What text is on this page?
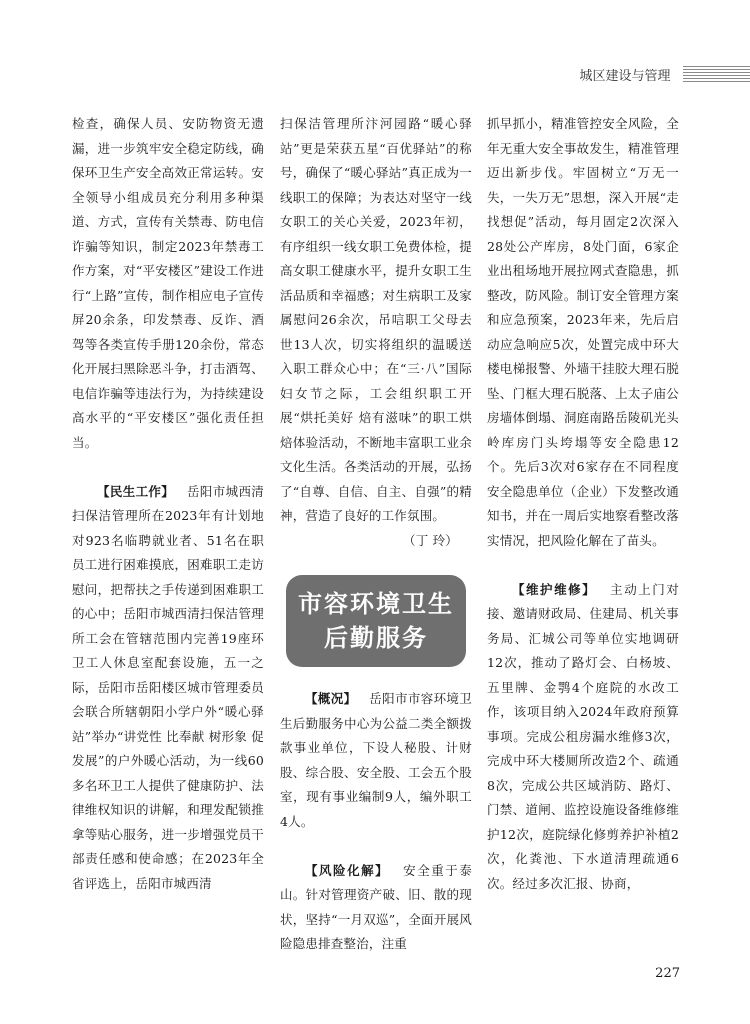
城区建设与管理

检查，确保人员、安防物资无遗漏，进一步筑牢安全稳定防线，确保环卫生产安全高效正常运转。安全领导小组成员充分利用多种渠道、方式，宣传有关禁毒、防电信诈骗等知识，制定2023年禁毒工作方案，对“平安楼区”建设工作进行“上路”宣传，制作相应电子宣传屏20余条，印发禁毒、反诈、酒驾等各类宣传手册120余份，常态化开展扫黑除恶斗争，打击酒驾、电信诈骗等违法行为，为持续建设高水平的“平安楼区”强化责任担当。

【民生工作】  岳阳市城西清扫保洁管理所在2023年有计划地对923名临聘就业者、51名在职员工进行困难摸底，困难职工走访慰问，把帮扶之手传递到困难职工的心中；岳阳市城西清扫保洁管理所工会在管辖范围内完善19座环卫工人休息室配套设施，五一之际，岳阳市岳阳楼区城市管理委员会联合所辖朝阳小学户外“暖心驿站”举办“讲党性 比奉献 树形象 促发展”的户外暖心活动，为一线60多名环卫工人提供了健康防护、法律维权知识的讲解，和理发配锁推拿等贴心服务，进一步增强党员干部责任感和使命感；在2023年全省评选上，岳阳市城西清

扫保洁管理所汴河园路“暖心驿站”更是荣获五星“百优驿站”的称号，确保了“暖心驿站”真正成为一线职工的保障；为表达对坚守一线女职工的关心关爱，2023年初，有序组织一线女职工免费体检，提高女职工健康水平，提升女职工生活品质和幸福感；对生病职工及家属慰问26余次，吊唁职工父母去世13人次，切实将组织的温暖送入职工群众心中；在“三·八”国际妇女节之际，工会组织职工开展“烘托美好 焙有滋味”的职工烘焙体验活动，不断地丰富职工业余文化生活。各类活动的开展，弘扬了“自尊、自信、自主、自强”的精神，营造了良好的工作氛围。

（丁 玲）

市容环境卫生
后勤服务

【概况】  岳阳市市容环境卫生后勤服务中心为公益二类全额拨款事业单位，下设人秘股、计财股、综合股、安全股、工会五个股室，现有事业编制9人，编外职工4人。

【风险化解】  安全重于泰山。针对管理资产破、旧、散的现状，坚持“一月双巡”，全面开展风险隐患排查整治，注重

抓早抓小，精准管控安全风险，全年无重大安全事故发生，精准管理迈出新步伐。牢固树立“万无一失，一失万无”思想，深入开展“走找想促”活动，每月固定2次深入28处公产库房，8处门面，6家企业出租场地开展拉网式查隐患，抓整改，防风险。制订安全管理方案和应急预案，2023年来，先后启动应急响应5次，处置完成中环大楼电梯报警、外墙干挂胶大理石脱坠、门框大理石脱落、上太子庙公房墙体倒塌、洞庭南路岳陵矶光头岭库房门头垮塌等安全隐患12个。先后3次对6家存在不同程度安全隐患单位（企业）下发整改通知书，并在一周后实地察看整改落实情况，把风险化解在了苗头。

【维护维修】  主动上门对接、邀请财政局、住建局、机关事务局、汇城公司等单位实地调研12次，推动了路灯会、白杨坡、五里牌、金鹗4个庭院的水改工作，该项目纳入2024年政府预算事项。完成公租房漏水维修3次，完成中环大楼厕所改造2个、疏通8次，完成公共区域消防、路灯、门禁、道闸、监控设施设备维修维护12次，庭院绿化修剪养护补植2次，化粪池、下水道清理疏通6次。经过多次汇报、协商，

227
